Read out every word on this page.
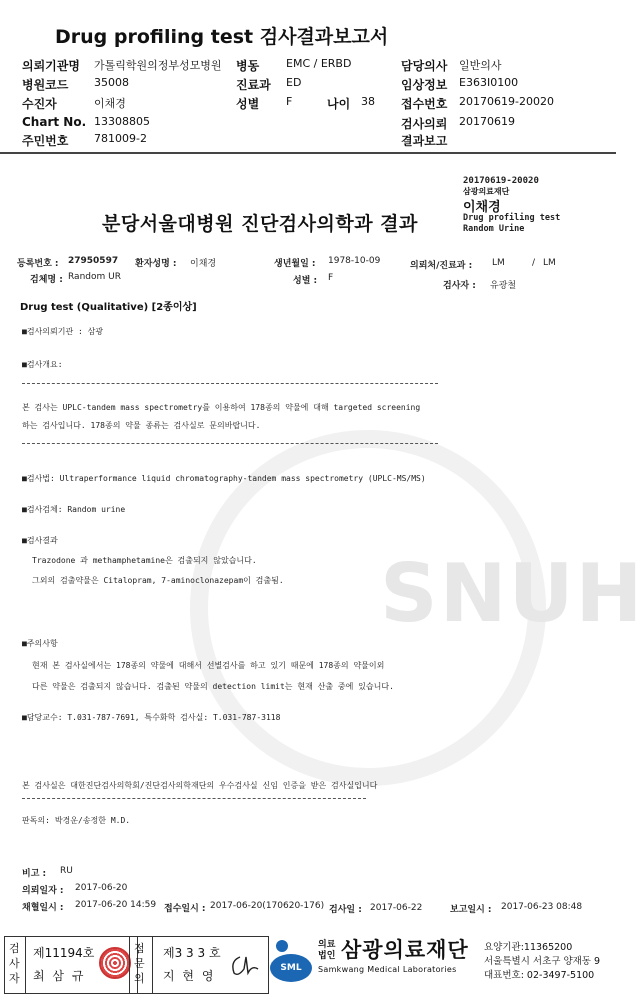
Drug profiling test 검사결과보고서
의뢰기관명 가톨릭학원의정부성모병원 병동 EMC / ERBD	담당의사 일반의사
병원코드 35008	진료과 ED	임상정보 E363I0100
수진자	이채경	성별 F	나이 38 접수번호 20170619-20020
Chart No. 13308805	검사의뢰 20170619
주민번호 781009-2	결과보고
SNUH
20170619-20020
삼광의료재단
이채경
Drug profiling test
Random Urine
분당서울대병원 진단검사의학과 결과
등록번호 : 27950597 환자성명 : 이채경	생년월일 : 1978-10-09	의뢰처/진료과 : LM	/ LM
검체명 : Random UR	성별 : F
검사자 : 유광철
Drug test (Qualitative) [2종이상]
■검사의뢰기관 : 삼광
■검사개요:
본 검사는 UPLC-tandem mass spectrometry를 이용하여 178종의 약물에 대해 targeted screening
하는 검사입니다. 178종의 약물 종류는 검사실로 문의바랍니다.
■검사법: Ultraperformance liquid chromatography-tandem mass spectrometry (UPLC-MS/MS)
■검사검체: Random urine
■검사결과
Trazodone 과 methamphetamine은 검출되지 않았습니다.
그외의 검출약물은 Citalopram, 7-aminoclonazepam이 검출됨.
■주의사항
현재 본 검사실에서는 178종의 약물에 대해서 선별검사를 하고 있기 때문에 178종의 약물이외
다른 약물은 검출되지 않습니다. 검출된 약물의 detection limit는 현재 산출 중에 있습니다.
■담당교수: T.031-787-7691, 특수화학 검사실: T.031-787-3118
본 검사실은 대한진단검사의학회/진단검사의학재단의 우수검사실 신임 인증을 받은 검사실입니다
판독의: 박경운/송정한 M.D.
비고 : RU
의뢰일자 : 2017-06-20
채혈일시 : 2017-06-20 14:59 접수일시 : 2017-06-20(170620-176) 검사일 : 2017-06-22	보고일시 : 2017-06-23 08:48
검사자
제11194호
최 삼 규
점문의
제3 3 3 호
지 현 영
SML
의료법인 삼광의료재단
Samkwang Medical Laboratories
요양기관:11365200
서울특별시 서초구 양재동 9
대표번호: 02-3497-5100
